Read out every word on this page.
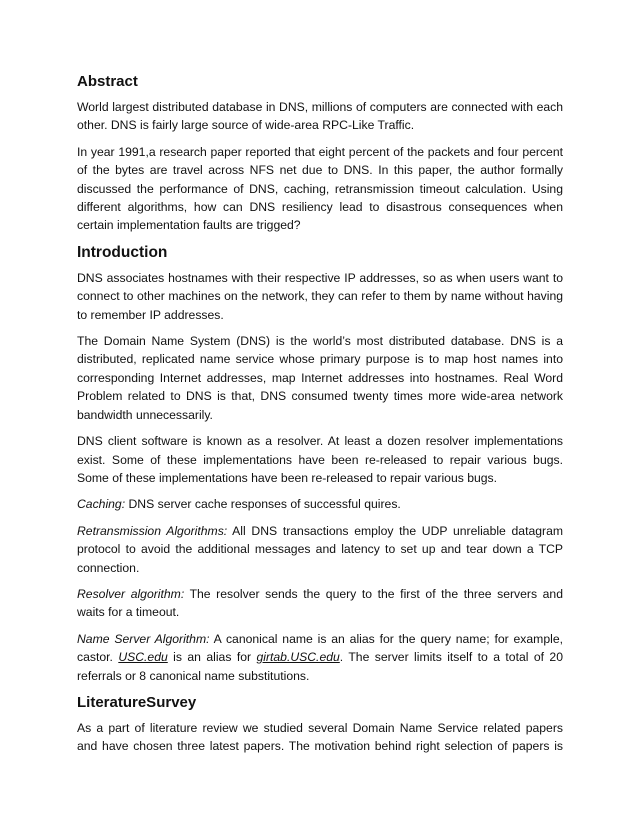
Abstract

World largest distributed database in DNS, millions of computers are connected with each other. DNS is fairly large source of wide-area RPC-Like Traffic.

In year 1991,a research paper reported that eight percent of the packets and four percent of the bytes are travel across NFS net due to DNS. In this paper, the author formally discussed the performance of DNS, caching, retransmission timeout calculation. Using different algorithms, how can DNS resiliency lead to disastrous consequences when certain implementation faults are trigged?

Introduction

DNS associates hostnames with their respective IP addresses, so as when users want to connect to other machines on the network, they can refer to them by name without having to remember IP addresses.

The Domain Name System (DNS) is the world’s most distributed database. DNS is a distributed, replicated name service whose primary purpose is to map host names into corresponding Internet addresses, map Internet addresses into hostnames. Real Word Problem related to DNS is that, DNS consumed twenty times more wide-area network bandwidth unnecessarily.

DNS client software is known as a resolver. At least a dozen resolver implementations exist. Some of these implementations have been re-released to repair various bugs. Some of these implementations have been re-released to repair various bugs.

Caching: DNS server cache responses of successful quires.

Retransmission Algorithms: All DNS transactions employ the UDP unreliable datagram protocol to avoid the additional messages and latency to set up and tear down a TCP connection.

Resolver algorithm: The resolver sends the query to the first of the three servers and waits for a timeout.

Name Server Algorithm: A canonical name is an alias for the query name; for example, castor. USC.edu is an alias for girtab.USC.edu. The server limits itself to a total of 20 referrals or 8 canonical name substitutions.

LiteratureSurvey

As a part of literature review we studied several Domain Name Service related papers and have chosen three latest papers. The motivation behind right selection of papers is
